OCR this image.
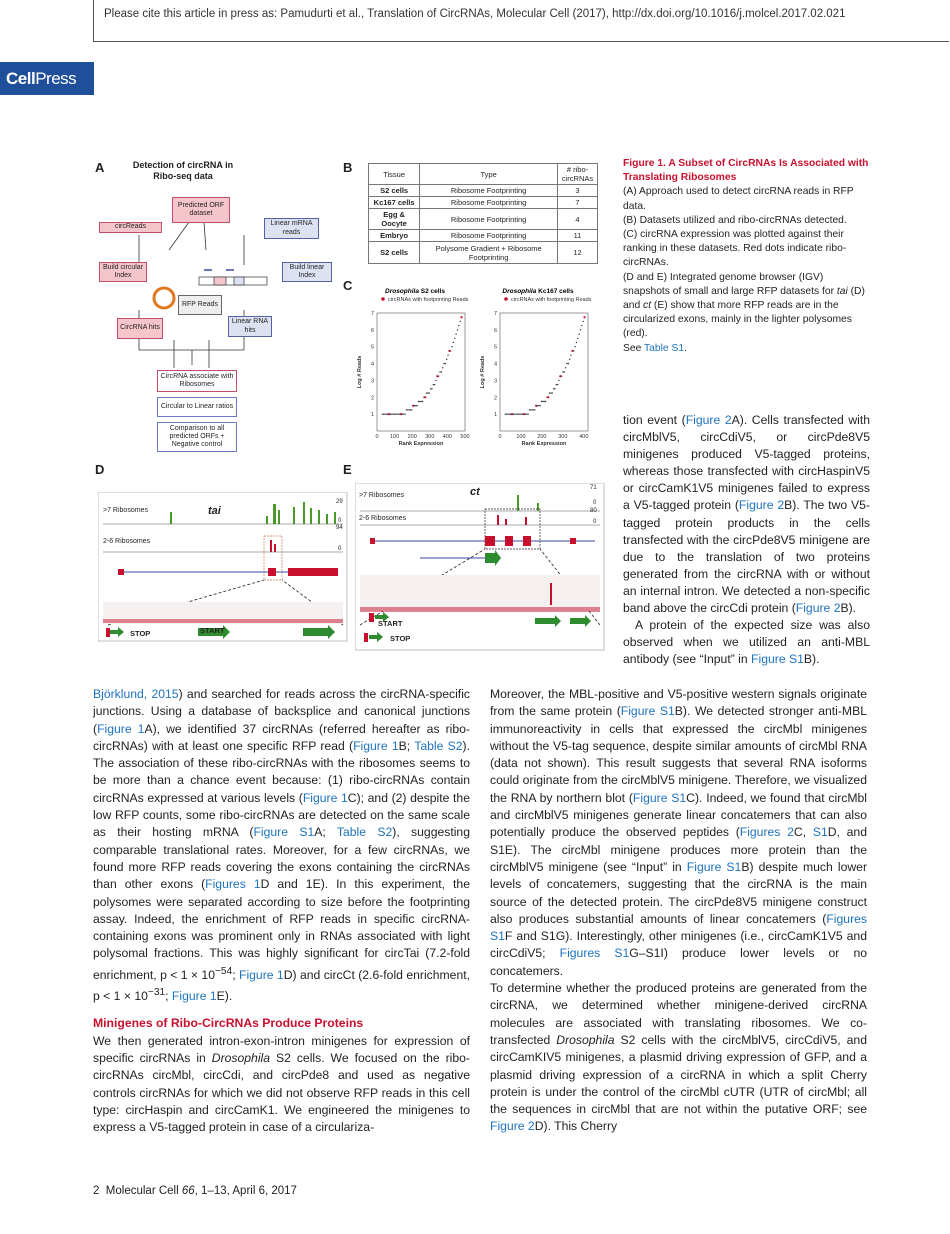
Please cite this article in press as: Pamudurti et al., Translation of CircRNAs, Molecular Cell (2017), http://dx.doi.org/10.1016/j.molcel.2017.02.021
CellPress
A	Detection of circRNA in Ribo-seq data
Predicted ORF dataset
circReads	Linear mRNA reads
Build circular Index
Build linear Index
RFP Reads
CircRNA hits
Linear RNA hits
CircRNA associate with Ribosomes
Circular to Linear ratios
Comparison to all predicted ORFs + Negative control
B	Tissue	Type	# ribo-circRNAs
S2 cells	Ribosome Footprinting	3
Kc167 cells	Ribosome Footprinting	7
Egg & Oocyte	Ribosome Footprinting	4
Embryo	Ribosome Footprinting	11
S2 cells	Polysome Gradient + Ribosome Footprinting	12
C	Drosophila S2 cells
circRNAs with footprinting Reads
1
2
3
4
5
6
7
0 100 200 300 400 500
Rank Expression
Log # Reads
Drosophila Kc167 cells
circRNAs with footprinting Reads
1
2
3
4
5
6
7
0	100 200 300 400
Rank Expression
Log # Reads
D
>7 Ribosomes
2-6 Ribosomes
tai
29
0
94
0
STOP	START
E
>7 Ribosomes
2-6 Ribosomes
ct	71
0
80
0
START
STOP
Figure 1. A Subset of CircRNAs Is Associated with Translating Ribosomes
(A) Approach used to detect circRNA reads in RFP data.
(B) Datasets utilized and ribo-circRNAs detected.
(C) circRNA expression was plotted against their ranking in these datasets. Red dots indicate ribo-circRNAs.
(D and E) Integrated genome browser (IGV) snapshots of small and large RFP datasets for tai (D) and ct (E) show that more RFP reads are in the circularized exons, mainly in the lighter polysomes (red).
See Table S1.

tion event (Figure 2A). Cells transfected with circMblV5, circCdiV5, or circPde8V5 minigenes produced V5-tagged proteins, whereas those transfected with circHaspinV5 or circCamK1V5 minigenes failed to express a V5-tagged protein (Figure 2B). The two V5-tagged protein products in the cells transfected with the circPde8V5 minigene are due to the translation of two proteins generated from the circRNA with or without an internal intron. We detected a non-specific band above the circCdi protein (Figure 2B).

A protein of the expected size was also observed when we utilized an anti-MBL antibody (see “Input” in Figure S1B).

Björklund, 2015) and searched for reads across the circRNA-specific junctions. Using a database of backsplice and canonical junctions (Figure 1A), we identified 37 circRNAs (referred hereafter as ribo-circRNAs) with at least one specific RFP read (Figure 1B; Table S2). The association of these ribo-circRNAs with the ribosomes seems to be more than a chance event because: (1) ribo-circRNAs contain circRNAs expressed at various levels (Figure 1C); and (2) despite the low RFP counts, some ribo-circRNAs are detected on the same scale as their hosting mRNA (Figure S1A; Table S2), suggesting comparable translational rates. Moreover, for a few circRNAs, we found more RFP reads covering the exons containing the circRNAs than other exons (Figures 1D and 1E). In this experiment, the polysomes were separated according to size before the footprinting assay. Indeed, the enrichment of RFP reads in specific circRNA-containing exons was prominent only in RNAs associated with light polysomal fractions. This was highly significant for circTai (7.2-fold enrichment, $p < 1 \times 10^{-54}$; Figure 1D) and circCt (2.6-fold enrichment, $p < 1 \times 10^{-31}$; Figure 1E).

Minigenes of Ribo-CircRNAs Produce Proteins

We then generated intron-exon-intron minigenes for expression of specific circRNAs in Drosophila S2 cells. We focused on the ribo-circRNAs circMbl, circCdi, and circPde8 and used as negative controls circRNAs for which we did not observe RFP reads in this cell type: circHaspin and circCamK1. We engineered the minigenes to express a V5-tagged protein in case of a circulariza-

Moreover, the MBL-positive and V5-positive western signals originate from the same protein (Figure S1B). We detected stronger anti-MBL immunoreactivity in cells that expressed the circMbl minigenes without the V5-tag sequence, despite similar amounts of circMbl RNA (data not shown). This result suggests that several RNA isoforms could originate from the circMblV5 minigene. Therefore, we visualized the RNA by northern blot (Figure S1C). Indeed, we found that circMbl and circMblV5 minigenes generate linear concatemers that can also potentially produce the observed peptides (Figures 2C, S1D, and S1E). The circMbl minigene produces more protein than the circMblV5 minigene (see “Input” in Figure S1B) despite much lower levels of concatemers, suggesting that the circRNA is the main source of the detected protein. The circPde8V5 minigene construct also produces substantial amounts of linear concatemers (Figures S1F and S1G). Interestingly, other minigenes (i.e., circCamK1V5 and circCdiV5; Figures S1G–S1I) produce lower levels or no concatemers.

To determine whether the produced proteins are generated from the circRNA, we determined whether minigene-derived circRNA molecules are associated with translating ribosomes. We co-transfected Drosophila S2 cells with the circMblV5, circCdiV5, and circCamKIV5 minigenes, a plasmid driving expression of GFP, and a plasmid driving expression of a circRNA in which a split Cherry protein is under the control of the circMbl cUTR (UTR of circMbl; all the sequences in circMbl that are not within the putative ORF; see Figure 2D). This Cherry

2 Molecular Cell 66, 1–13, April 6, 2017
